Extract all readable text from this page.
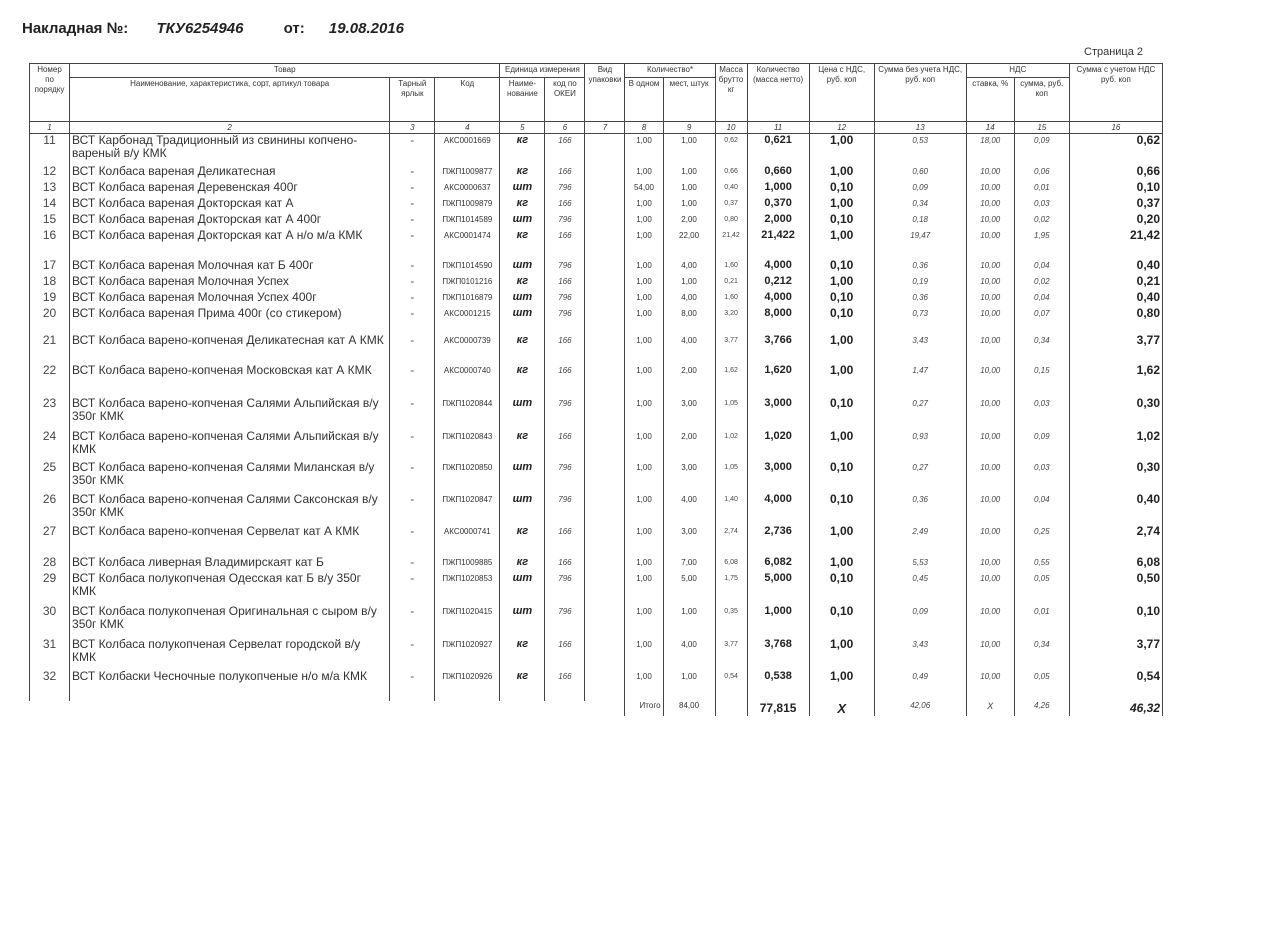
Накладная №: ТКУ6254946	от: 19.08.2016
Страница 2
Номер по порядку	Товар			Единица измерения		Вид упаковки	Количество*		Масса брутто кг	Количество (масса нетто)	Цена с НДС, руб. коп	Сумма без учета НДС, руб. коп	НДС		Сумма с учетом НДС руб. коп
	Наименование, характеристика, сорт, артикул товара	Тарный ярлык	Код	Наиме-нование	код по ОКЕИ		В одном	мест, штук					ставка, %	сумма, руб. коп	
1	2	3	4	5	6	7	8	9	10	11	12	13	14	15	16
11	ВСТ Карбонад Традиционный из свинины копчено-вареный в/у КМК	-	АКС0001669	кг	166		1,00	1,00	0,62	0,621	1,00	0,53	18,00	0,09	0,62
12	ВСТ Колбаса вареная Деликатесная	-	ПЖП1009877	кг	166		1,00	1,00	0,66	0,660	1,00	0,60	10,00	0,06	0,66
13	ВСТ Колбаса вареная Деревенская 400г	-	АКС0000637	шт	796		54,00	1,00	0,40	1,000	0,10	0,09	10,00	0,01	0,10
14	ВСТ Колбаса вареная Докторская кат А	-	ПЖП1009879	кг	166		1,00	1,00	0,37	0,370	1,00	0,34	10,00	0,03	0,37
15	ВСТ Колбаса вареная Докторская кат А 400г	-	ПЖП1014589	шт	796		1,00	2,00	0,80	2,000	0,10	0,18	10,00	0,02	0,20
16	ВСТ Колбаса вареная Докторская кат А н/о м/а КМК	-	АКС0001474	кг	166		1,00	22,00	21,42	21,422	1,00	19,47	10,00	1,95	21,42
17	ВСТ Колбаса вареная Молочная кат Б 400г	-	ПЖП1014590	шт	796		1,00	4,00	1,60	4,000	0,10	0,36	10,00	0,04	0,40
18	ВСТ Колбаса вареная Молочная Успех	-	ПЖП0101216	кг	166		1,00	1,00	0,21	0,212	1,00	0,19	10,00	0,02	0,21
19	ВСТ Колбаса вареная Молочная Успех 400г	-	ПЖП1016879	шт	796		1,00	4,00	1,60	4,000	0,10	0,36	10,00	0,04	0,40
20	ВСТ Колбаса вареная Прима 400г (со стикером)	-	АКС0001215	шт	796		1,00	8,00	3,20	8,000	0,10	0,73	10,00	0,07	0,80
21	ВСТ Колбаса варено-копченая Деликатесная кат А КМК	-	АКС0000739	кг	166		1,00	4,00	3,77	3,766	1,00	3,43	10,00	0,34	3,77
22	ВСТ Колбаса варено-копченая Московская кат А КМК	-	АКС0000740	кг	166		1,00	2,00	1,62	1,620	1,00	1,47	10,00	0,15	1,62
23	ВСТ Колбаса варено-копченая Салями Альпийская в/у 350г КМК	-	ПЖП1020844	шт	796		1,00	3,00	1,05	3,000	0,10	0,27	10,00	0,03	0,30
24	ВСТ Колбаса варено-копченая Салями Альпийская в/у КМК	-	ПЖП1020843	кг	166		1,00	2,00	1,02	1,020	1,00	0,93	10,00	0,09	1,02
25	ВСТ Колбаса варено-копченая Салями Миланская в/у 350г КМК	-	ПЖП1020850	шт	796		1,00	3,00	1,05	3,000	0,10	0,27	10,00	0,03	0,30
26	ВСТ Колбаса варено-копченая Салями Саксонская в/у 350г КМК	-	ПЖП1020847	шт	796		1,00	4,00	1,40	4,000	0,10	0,36	10,00	0,04	0,40
27	ВСТ Колбаса варено-копченая Сервелат кат А КМК	-	АКС0000741	кг	166		1,00	3,00	2,74	2,736	1,00	2,49	10,00	0,25	2,74
28	ВСТ Колбаса ливерная Владимирскаят кат Б	-	ПЖП1009885	кг	166		1,00	7,00	6,08	6,082	1,00	5,53	10,00	0,55	6,08
29	ВСТ Колбаса полукопченая Одесская кат Б в/у 350г КМК	-	ПЖП1020853	шт	796		1,00	5,00	1,75	5,000	0,10	0,45	10,00	0,05	0,50
30	ВСТ Колбаса полукопченая Оригинальная с сыром в/у 350г КМК	-	ПЖП1020415	шт	796		1,00	1,00	0,35	1,000	0,10	0,09	10,00	0,01	0,10
31	ВСТ Колбаса полукопченая Сервелат городской в/у КМК	-	ПЖП1020927	кг	166		1,00	4,00	3,77	3,768	1,00	3,43	10,00	0,34	3,77
32	ВСТ Колбаски Чесночные полукопченые н/о м/а КМК	-	ПЖП1020926	кг	166		1,00	1,00	0,54	0,538	1,00	0,49	10,00	0,05	0,54
							Итого	84,00		77,815	X	42,06	X	4,26	46,32
